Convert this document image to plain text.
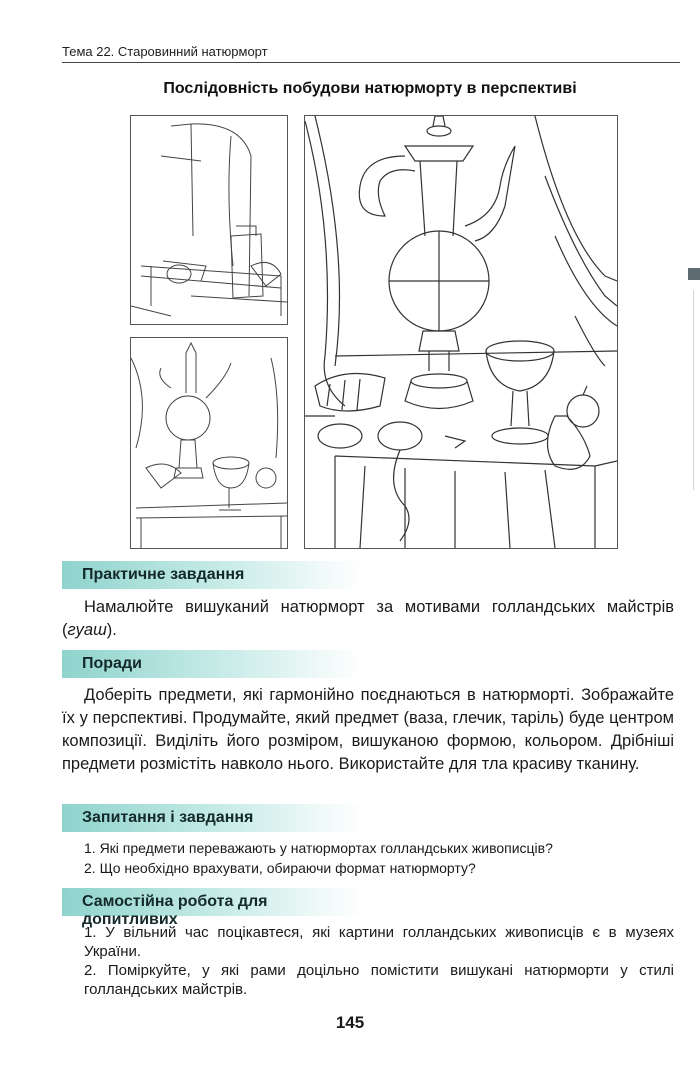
Тема 22. Старовинний натюрморт
Послідовність побудови натюрморту в перспективі
Практичне завдання
Намалюйте вишуканий натюрморт за мотивами голландських майстрів (гуаш).
Поради
Доберіть предмети, які гармонійно поєднаються в натюрморті. Зображайте їх у перспективі. Продумайте, який предмет (ваза, глечик, таріль) буде центром композиції. Виділіть його розміром, вишуканою формою, кольором. Дрібніші предмети розмістіть навколо нього. Використайте для тла красиву тканину.
Запитання і завдання
1. Які предмети переважають у натюрмортах голландських живописців?
2. Що необхідно врахувати, обираючи формат натюрморту?
Самостійна робота для допитливих
1. У вільний час поцікавтеся, які картини голландських живописців є в музеях України.
2. Поміркуйте, у які рами доцільно помістити вишукані натюрморти у стилі голландських майстрів.
145
